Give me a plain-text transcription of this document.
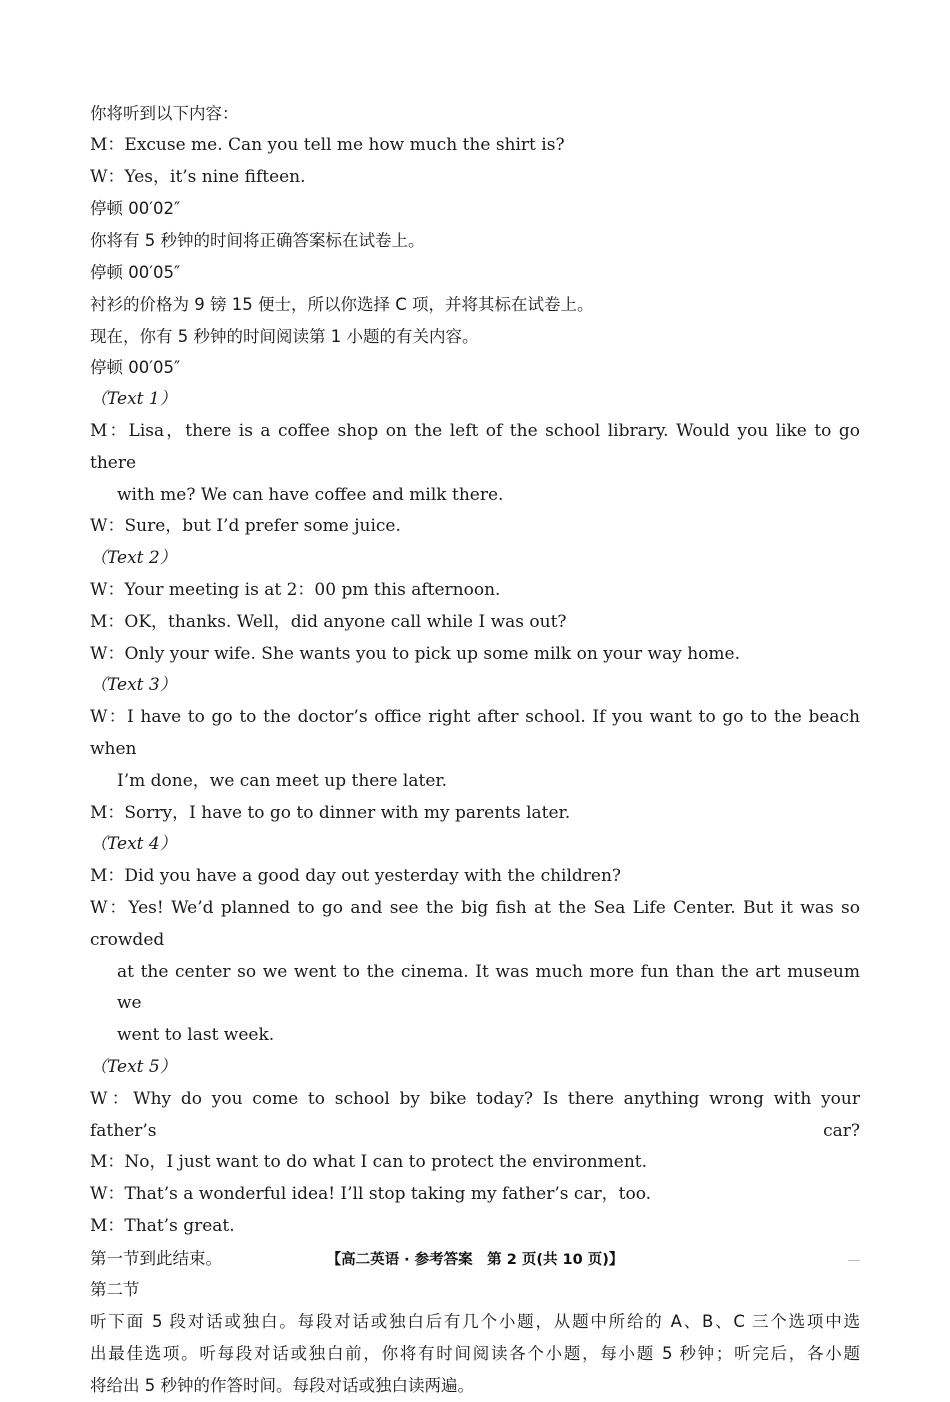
你将听到以下内容：
M：Excuse me. Can you tell me how much the shirt is?
W：Yes，it’s nine fifteen.
停顿 00′02″
你将有 5 秒钟的时间将正确答案标在试卷上。
停顿 00′05″
衬衫的价格为 9 镑 15 便士，所以你选择 C 项，并将其标在试卷上。
现在，你有 5 秒钟的时间阅读第 1 小题的有关内容。
停顿 00′05″
（Text 1）
M：Lisa，there is a coffee shop on the left of the school library. Would you like to go there
with me? We can have coffee and milk there.
W：Sure，but I’d prefer some juice.
（Text 2）
W：Your meeting is at 2：00 pm this afternoon.
M：OK，thanks. Well，did anyone call while I was out?
W：Only your wife. She wants you to pick up some milk on your way home.
（Text 3）
W：I have to go to the doctor’s office right after school. If you want to go to the beach when
I’m done，we can meet up there later.
M：Sorry，I have to go to dinner with my parents later.
（Text 4）
M：Did you have a good day out yesterday with the children?
W：Yes! We’d planned to go and see the big fish at the Sea Life Center. But it was so crowded
at the center so we went to the cinema. It was much more fun than the art museum we
went to last week.
（Text 5）
W：Why do you come to school by bike today? Is there anything wrong with your father’s car?
M：No，I just want to do what I can to protect the environment.
W：That’s a wonderful idea! I’ll stop taking my father’s car，too.
M：That’s great.
第一节到此结束。
第二节
听下面 5 段对话或独白。每段对话或独白后有几个小题，从题中所给的 A、B、C 三个选项中选
出最佳选项。听每段对话或独白前，你将有时间阅读各个小题，每小题 5 秒钟；听完后，各小题
将给出 5 秒钟的作答时间。每段对话或独白读两遍。
【高二英语 · 参考答案　第 2 页(共 10 页)】
